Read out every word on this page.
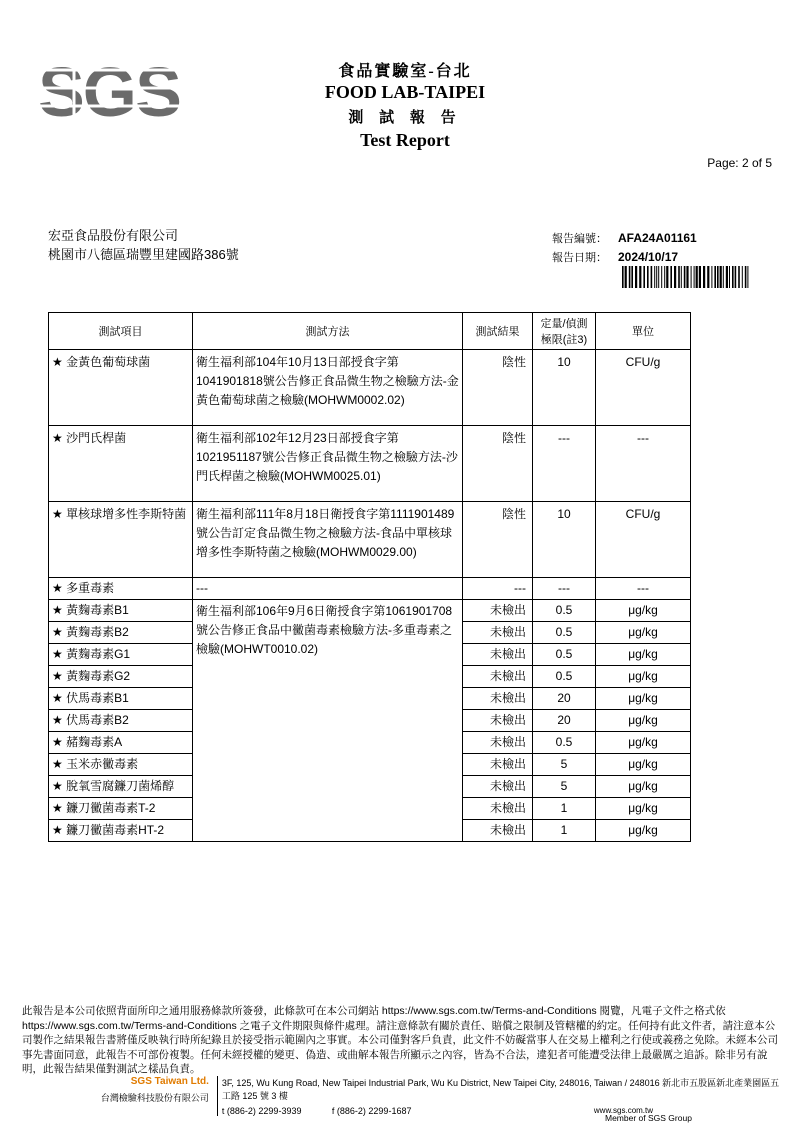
SGS	食品實驗室-台北
FOOD LAB-TAIPEI
測 試 報 告
Test Report
Page: 2 of 5
宏亞食品股份有限公司
桃園市八德區瑞豐里建國路386號
報告編號： AFA24A01161
報告日期： 2024/10/17
測試項目	測試方法	測試結果	定量/偵測極限(註3)	單位
★ 金黃色葡萄球菌	衛生福利部104年10月13日部授食字第1041901818號公告修正食品微生物之檢驗方法-金黃色葡萄球菌之檢驗(MOHWM0002.02)	陰性	10	CFU/g
★ 沙門氏桿菌	衛生福利部102年12月23日部授食字第1021951187號公告修正食品微生物之檢驗方法-沙門氏桿菌之檢驗(MOHWM0025.01)	陰性	---	---
★ 單核球增多性李斯特菌	衛生福利部111年8月18日衛授食字第1111901489號公告訂定食品微生物之檢驗方法-食品中單核球增多性李斯特菌之檢驗(MOHWM0029.00)	陰性	10	CFU/g
★ 多重毒素	---	---	---	---
★ 黃麴毒素B1	衛生福利部106年9月6日衛授食字第1061901708號公告修正食品中黴菌毒素檢驗方法-多重毒素之檢驗(MOHWT0010.02)	未檢出	0.5	μg/kg
★ 黃麴毒素B2		未檢出	0.5	μg/kg
★ 黃麴毒素G1		未檢出	0.5	μg/kg
★ 黃麴毒素G2		未檢出	0.5	μg/kg
★ 伏馬毒素B1		未檢出	20	μg/kg
★ 伏馬毒素B2		未檢出	20	μg/kg
★ 赭麴毒素A		未檢出	0.5	μg/kg
★ 玉米赤黴毒素		未檢出	5	μg/kg
★ 脫氧雪腐鐮刀菌烯醇		未檢出	5	μg/kg
★ 鐮刀黴菌毒素T-2		未檢出	1	μg/kg
★ 鐮刀黴菌毒素HT-2		未檢出	1	μg/kg
此報告是本公司依照背面所印之通用服務條款所簽發，此條款可在本公司網站 https://www.sgs.com.tw/Terms-and-Conditions 閱覽，凡電子文件之格式依https://www.sgs.com.tw/Terms-and-Conditions 之電子文件期限與條件處理。請注意條款有關於責任、賠償之限制及管轄權的約定。任何持有此文件者，請注意本公司製作之結果報告書將僅反映執行時所紀錄且於接受指示範圍內之事實。本公司僅對客戶負責，此文件不妨礙當事人在交易上權利之行使或義務之免除。未經本公司事先書面同意，此報告不可部份複製。任何未經授權的變更、偽造、或曲解本報告所顯示之內容，皆為不合法，違犯者可能遭受法律上最嚴厲之追訴。除非另有說明，此報告結果僅對測試之樣品負責。
SGS Taiwan Ltd.
台灣檢驗科技股份有限公司
3F, 125, Wu Kung Road, New Taipei Industrial Park, Wu Ku District, New Taipei City, 248016, Taiwan / 248016 新北市五股區新北產業園區五工路 125 號 3 樓
t (886-2) 2299-3939	f (886-2) 2299-1687	www.sgs.com.tw
Member of SGS Group
